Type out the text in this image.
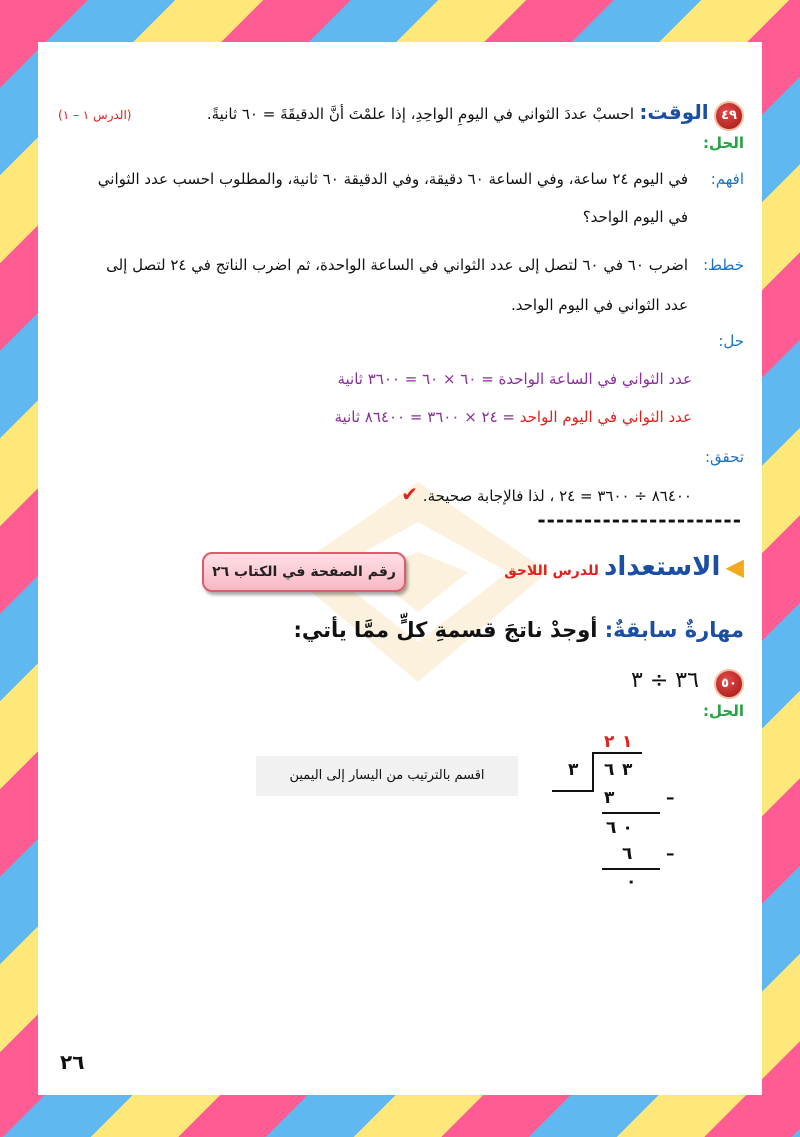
٤٩ الوقت: احسبْ عددَ الثواني في اليومِ الواحِدِ، إذا علمْتَ أنَّ الدقيقَةَ = ٦٠ ثانيةً.
(الدرس ١ – ١)
الحل:
افهم:
في اليوم ٢٤ ساعة، وفي الساعة ٦٠ دقيقة، وفي الدقيقة ٦٠ ثانية، والمطلوب احسب عدد الثواني
في اليوم الواحد؟
خطط:
اضرب ٦٠ في ٦٠ لتصل إلى عدد الثواني في الساعة الواحدة، ثم اضرب الناتج في ٢٤ لتصل إلى
عدد الثواني في اليوم الواحد.
حل:
عدد الثواني في الساعة الواحدة = ٦٠ × ٦٠ = ٣٦٠٠ ثانية
عدد الثواني في اليوم الواحد = ٢٤ × ٣٦٠٠ = ٨٦٤٠٠ ثانية
تحقق:
٨٦٤٠٠ ÷ ٣٦٠٠ = ٢٤ ، لذا فالإجابة صحيحة. ✔
----------------------
◀ الاستعداد للدرس اللاحق
رقم الصفحة في الكتاب ٢٦
مهارةٌ سابقةٌ: أوجدْ ناتجَ قسمةِ كلٍّ ممَّا يأتي:
٥٠ ٣٦ ÷ ٣
الحل:
اقسم بالترتيب من اليسار إلى اليمين
١
٢
٣	٣
٦
٣	–
٠ ٦
٦ –
٠
٢٦
